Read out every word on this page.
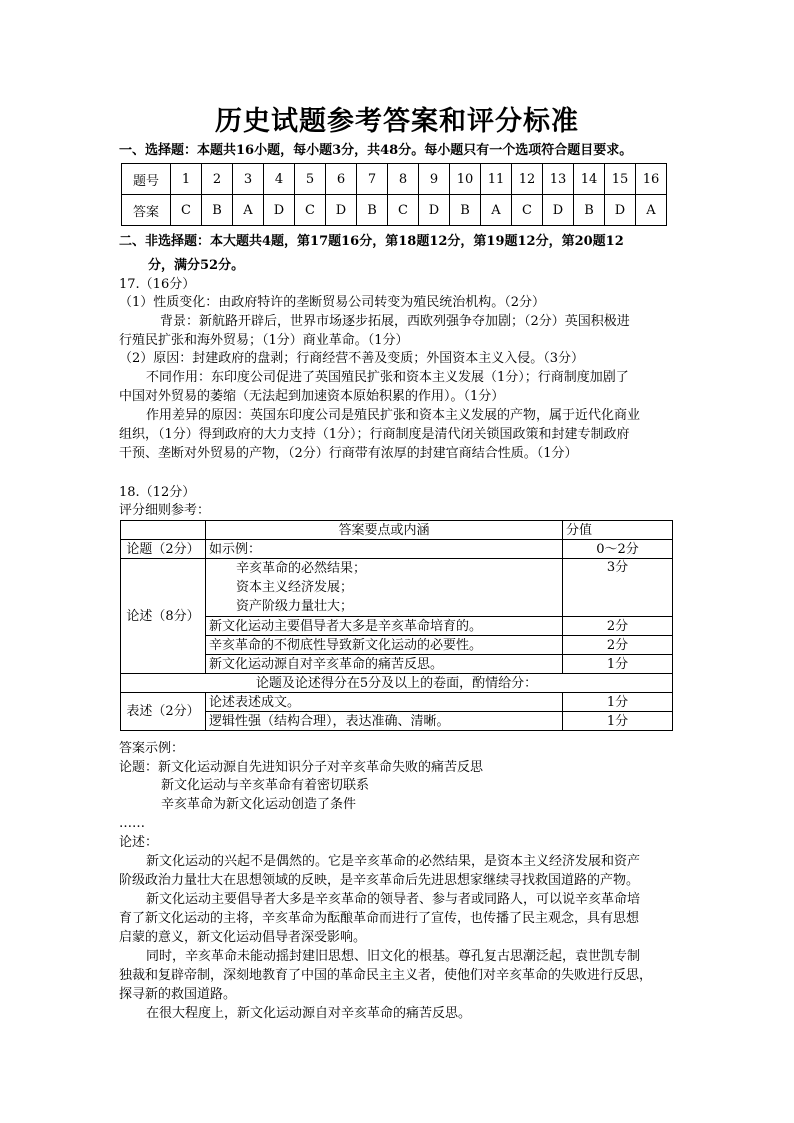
历史试题参考答案和评分标准
一、选择题：本题共16小题，每小题3分，共48分。每小题只有一个选项符合题目要求。
题号	1	2	3	4	5	6	7	8	9	10	11	12	13	14	15	16
答案	C	B	A	D	C	D	B	C	D	B	A	C	D	B	D	A
二、非选择题：本大题共4题，第17题16分，第18题12分，第19题12分，第20题12
分，满分52分。
17.（16分）
（1）性质变化：由政府特许的垄断贸易公司转变为殖民统治机构。（2分）
背景：新航路开辟后，世界市场逐步拓展，西欧列强争夺加剧；（2分）英国积极进
行殖民扩张和海外贸易；（1分）商业革命。（1分）
（2）原因：封建政府的盘剥；行商经营不善及变质；外国资本主义入侵。（3分）
不同作用：东印度公司促进了英国殖民扩张和资本主义发展（1分）；行商制度加剧了
中国对外贸易的萎缩（无法起到加速资本原始积累的作用）。（1分）
作用差异的原因：英国东印度公司是殖民扩张和资本主义发展的产物，属于近代化商业
组织，（1分）得到政府的大力支持（1分）；行商制度是清代闭关锁国政策和封建专制政府
干预、垄断对外贸易的产物，（2分）行商带有浓厚的封建官商结合性质。（1分）
18.（12分）
评分细则参考：
	答案要点或内涵	分值
论题（2分）	如示例：	0～2分
论述（8分）	辛亥革命的必然结果；
资本主义经济发展；
资产阶级力量壮大；	3分
	新文化运动主要倡导者大多是辛亥革命培育的。	2分
	辛亥革命的不彻底性导致新文化运动的必要性。	2分
	新文化运动源自对辛亥革命的痛苦反思。	1分
论题及论述得分在5分及以上的卷面，酌情给分：		
表述（2分）	论述表述成文。	1分
	逻辑性强（结构合理），表达准确、清晰。	1分
答案示例：
论题：新文化运动源自先进知识分子对辛亥革命失败的痛苦反思
新文化运动与辛亥革命有着密切联系
辛亥革命为新文化运动创造了条件
……
论述：
新文化运动的兴起不是偶然的。它是辛亥革命的必然结果，是资本主义经济发展和资产
阶级政治力量壮大在思想领域的反映，是辛亥革命后先进思想家继续寻找救国道路的产物。
新文化运动主要倡导者大多是辛亥革命的领导者、参与者或同路人，可以说辛亥革命培
育了新文化运动的主将，辛亥革命为酝酿革命而进行了宣传，也传播了民主观念，具有思想
启蒙的意义，新文化运动倡导者深受影响。
同时，辛亥革命未能动摇封建旧思想、旧文化的根基。尊孔复古思潮泛起，袁世凯专制
独裁和复辟帝制，深刻地教育了中国的革命民主主义者，使他们对辛亥革命的失败进行反思，
探寻新的救国道路。
在很大程度上，新文化运动源自对辛亥革命的痛苦反思。
